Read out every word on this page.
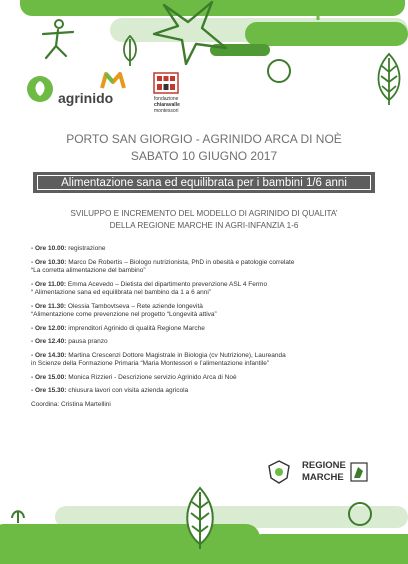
agrinido	fondazione
chiaravalle
montessori
PORTO SAN GIORGIO - AGRINIDO ARCA DI NOÈ
SABATO 10 GIUGNO 2017
Alimentazione sana ed equilibrata per i bambini 1/6 anni
SVILUPPO E INCREMENTO DEL MODELLO DI AGRINIDO DI QUALITA’
DELLA REGIONE MARCHE IN AGRI-INFANZIA 1-6
- Ore 10.00: registrazione
- Ore 10.30: Marco De Robertis – Biologo nutrizionista, PhD in obesità e patologie correlate
“La corretta alimentazione del bambino”
- Ore 11.00: Emma Acevedo – Dietista del dipartimento prevenzione ASL 4 Fermo
“ Alimentazione sana ed equilibrata nel bambino da 1 a 6 anni”
- Ore 11.30: Olessia Tambovtseva – Rete aziende longevità
“Alimentazione come prevenzione nel progetto “Longevità attiva”
- Ore 12.00: imprenditori Agrinido di qualità Regione Marche
- Ore 12.40: pausa pranzo
- Ore 14.30: Martina Crescenzi Dottore Magistrale in Biologia (cv Nutrizione), Laureanda
in Scienze della Formazione Primaria “Maria Montessori e l’alimentazione infantile”
- Ore 15.00: Monica Rizzieri - Descrizione servizio Agrinido Arca di Noè
- Ore 15.30: chiusura lavori con visita azienda agricola
Coordina: Cristina Martellini
REGIONE
MARCHE
